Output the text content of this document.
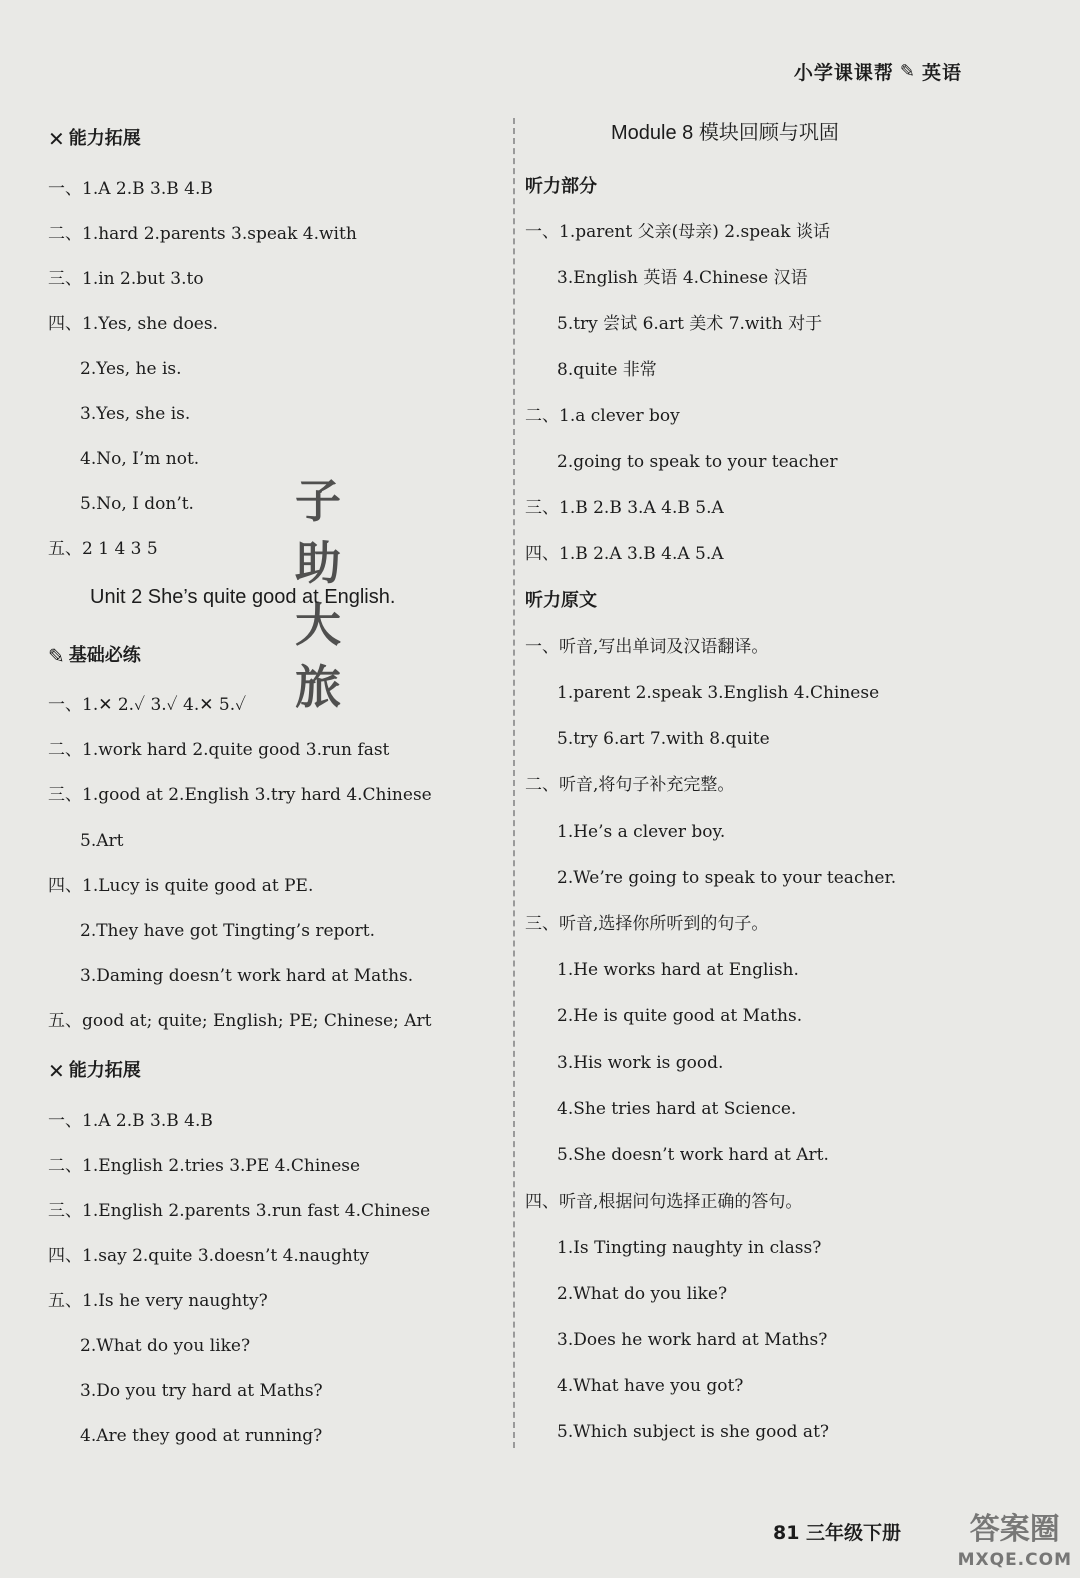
小学课课帮 ✎ 英语
✕ 能力拓展
一、1.A 2.B 3.B 4.B
二、1.hard 2.parents 3.speak 4.with
三、1.in 2.but 3.to
四、1.Yes, she does.
2.Yes, he is.
3.Yes, she is.
4.No, I’m not.
5.No, I don’t.
五、2 1 4 3 5
Unit 2 She’s quite good at English.
✎ 基础必练
一、1.✕ 2.✓ 3.✓ 4.✕ 5.✓
二、1.work hard 2.quite good 3.run fast
三、1.good at 2.English 3.try hard 4.Chinese
5.Art
四、1.Lucy is quite good at PE.
2.They have got Tingting’s report.
3.Daming doesn’t work hard at Maths.
五、good at; quite; English; PE; Chinese; Art
✕ 能力拓展
一、1.A 2.B 3.B 4.B
二、1.English 2.tries 3.PE 4.Chinese
三、1.English 2.parents 3.run fast 4.Chinese
四、1.say 2.quite 3.doesn’t 4.naughty
五、1.Is he very naughty?
2.What do you like?
3.Do you try hard at Maths?
4.Are they good at running?
子
助
大
旅
Module 8 模块回顾与巩固
听力部分
一、1.parent 父亲(母亲) 2.speak 谈话
3.English 英语 4.Chinese 汉语
5.try 尝试 6.art 美术 7.with 对于
8.quite 非常
二、1.a clever boy
2.going to speak to your teacher
三、1.B 2.B 3.A 4.B 5.A
四、1.B 2.A 3.B 4.A 5.A
听力原文
一、听音,写出单词及汉语翻译。
1.parent 2.speak 3.English 4.Chinese
5.try 6.art 7.with 8.quite
二、听音,将句子补充完整。
1.He’s a clever boy.
2.We’re going to speak to your teacher.
三、听音,选择你所听到的句子。
1.He works hard at English.
2.He is quite good at Maths.
3.His work is good.
4.She tries hard at Science.
5.She doesn’t work hard at Art.
四、听音,根据问句选择正确的答句。
1.Is Tingting naughty in class?
2.What do you like?
3.Does he work hard at Maths?
4.What have you got?
5.Which subject is she good at?
81 三年级下册	答案圈
MXQE.COM
